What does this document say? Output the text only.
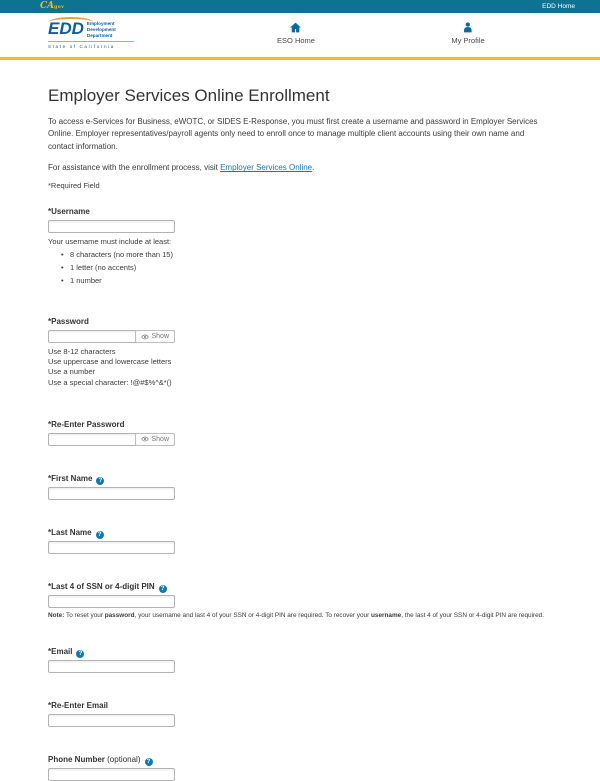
CAgov	EDD Home
EDD Employment
Development
Department
State of California
ESO Home	My Profile
Employer Services Online Enrollment

To access e-Services for Business, eWOTC, or SIDES E-Response, you must first create a username and password in Employer Services Online. Employer representatives/payroll agents only need to enroll once to manage multiple client accounts using their own name and contact information.

For assistance with the enrollment process, visit Employer Services Online.

*Required Field
*Username
Your username must include at least:
• 8 characters (no more than 15)
• 1 letter (no accents)
• 1 number
*Password
Show
Use 8-12 characters
Use uppercase and lowercase letters
Use a number
Use a special character: !@#$%^&*()
*Re-Enter Password
Show
*First Name ?
*Last Name ?
*Last 4 of SSN or 4-digit PIN ?
Note: To reset your password, your username and last 4 of your SSN or 4-digit PIN are required. To recover your username, the last 4 of your SSN or 4-digit PIN are required.
*Email ?
*Re-Enter Email
Phone Number (optional) ?
